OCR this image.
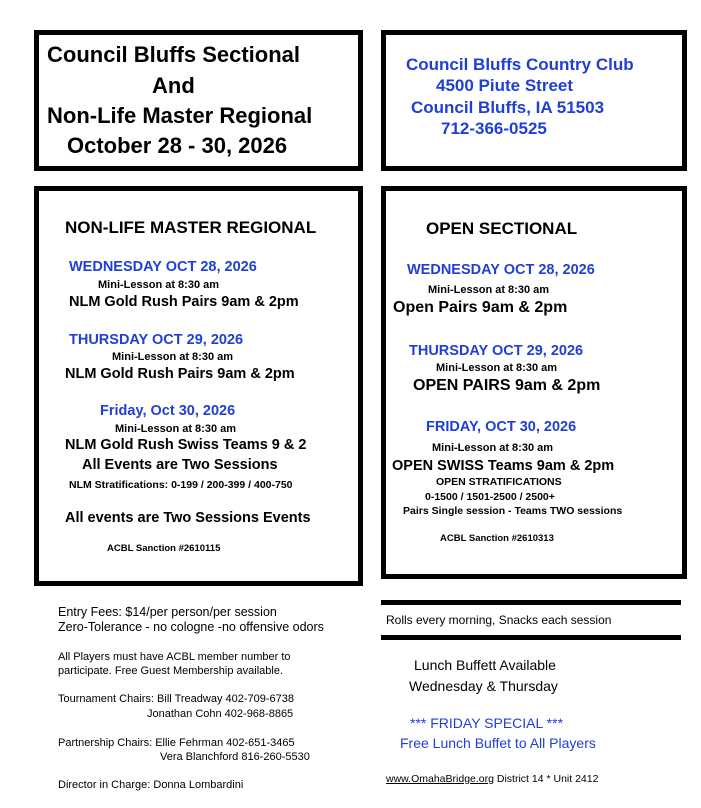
Council Bluffs Sectional
And
Non-Life Master Regional
October 28 - 30, 2026
Council Bluffs Country Club
4500 Piute Street
Council Bluffs, IA 51503
712-366-0525
NON-LIFE MASTER REGIONAL
WEDNESDAY OCT 28, 2026
Mini-Lesson at 8:30 am
NLM Gold Rush Pairs 9am & 2pm
THURSDAY OCT 29, 2026
Mini-Lesson at 8:30 am
NLM Gold Rush Pairs 9am & 2pm
Friday, Oct 30, 2026
Mini-Lesson at 8:30 am
NLM Gold Rush Swiss Teams 9 & 2
All Events are Two Sessions
NLM Stratifications: 0-199 / 200-399 / 400-750
All events are Two Sessions Events
ACBL Sanction #2610115
OPEN SECTIONAL
WEDNESDAY OCT 28, 2026
Mini-Lesson at 8:30 am
Open Pairs 9am & 2pm
THURSDAY OCT 29, 2026
Mini-Lesson at 8:30 am
OPEN PAIRS 9am & 2pm
FRIDAY, OCT 30, 2026
Mini-Lesson at 8:30 am
OPEN SWISS Teams 9am & 2pm
OPEN STRATIFICATIONS
0-1500 / 1501-2500 / 2500+
Pairs Single session - Teams TWO sessions
ACBL Sanction #2610313
Entry Fees: $14/per person/per session
Zero-Tolerance - no cologne -no offensive odors
All Players must have ACBL member number to
participate. Free Guest Membership available.
Tournament Chairs: Bill Treadway 402-709-6738
Jonathan Cohn 402-968-8865
Partnership Chairs: Ellie Fehrman 402-651-3465
Vera Blanchford 816-260-5530
Director in Charge: Donna Lombardini
Rolls every morning, Snacks each session
Lunch Buffett Available
Wednesday & Thursday
*** FRIDAY SPECIAL ***
Free Lunch Buffet to All Players
www.OmahaBridge.org District 14 * Unit 2412
